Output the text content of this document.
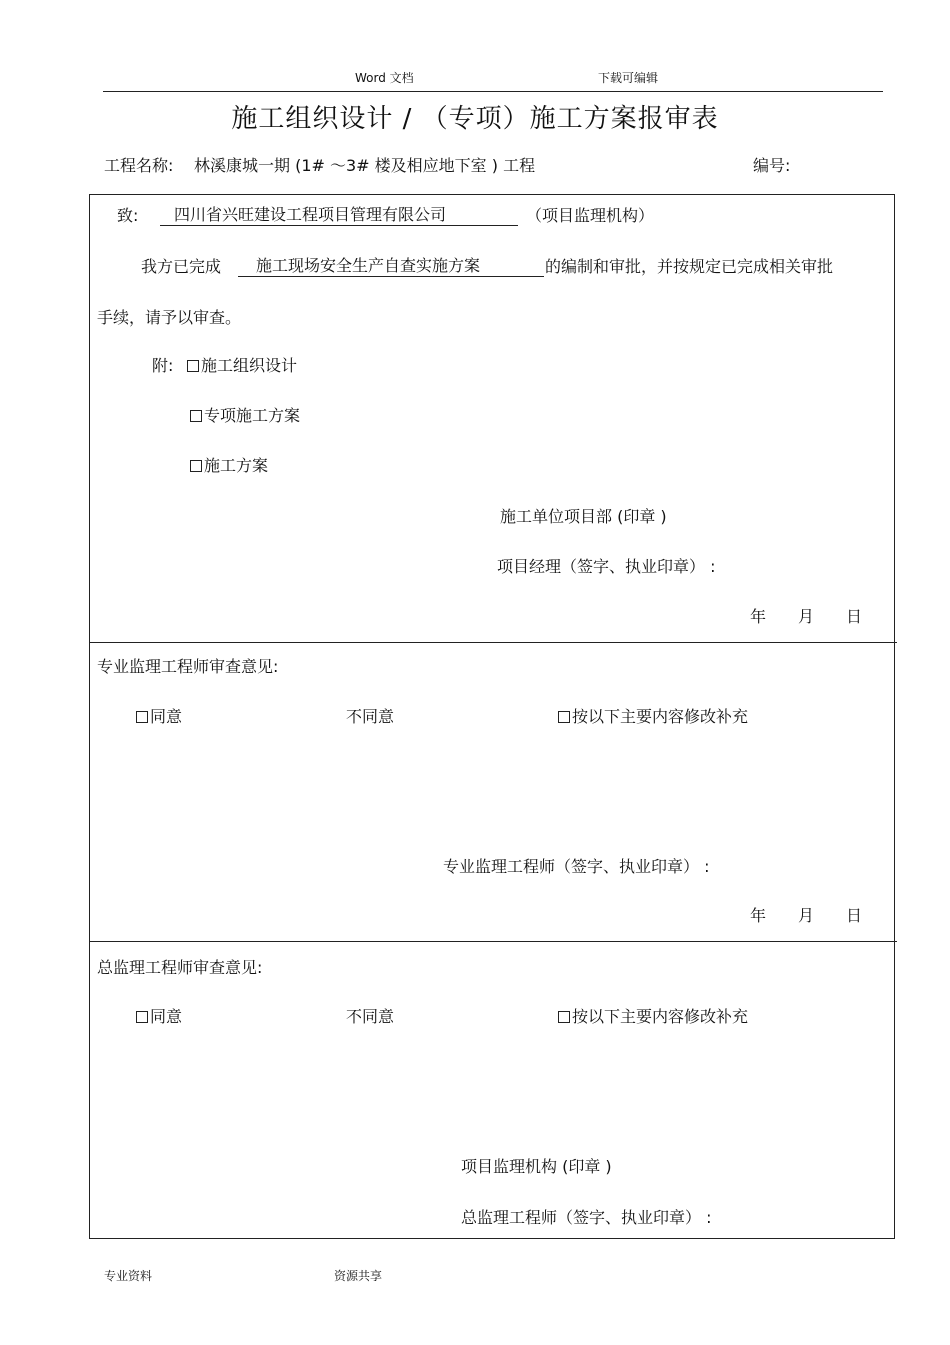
Word 文档	下载可编辑
施工组织设计 / （专项）施工方案报审表
工程名称: 林溪康城一期 (1# ～3# 楼及相应地下室 ) 工程	编号:
致:	四川省兴旺建设工程项目管理有限公司	（项目监理机构）
我方已完成	施工现场安全生产自查实施方案	的编制和审批，并按规定已完成相关审批
手续，请予以审查。
附:	施工组织设计
专项施工方案
施工方案
施工单位项目部 (印章 )
项目经理（签字、执业印章） :
年 月 日
专业监理工程师审查意见:
同意	不同意	按以下主要内容修改补充
专业监理工程师（签字、执业印章） :
年 月 日
总监理工程师审查意见:
同意	不同意	按以下主要内容修改补充
项目监理机构 (印章 )
总监理工程师（签字、执业印章） :
专业资料	资源共享
